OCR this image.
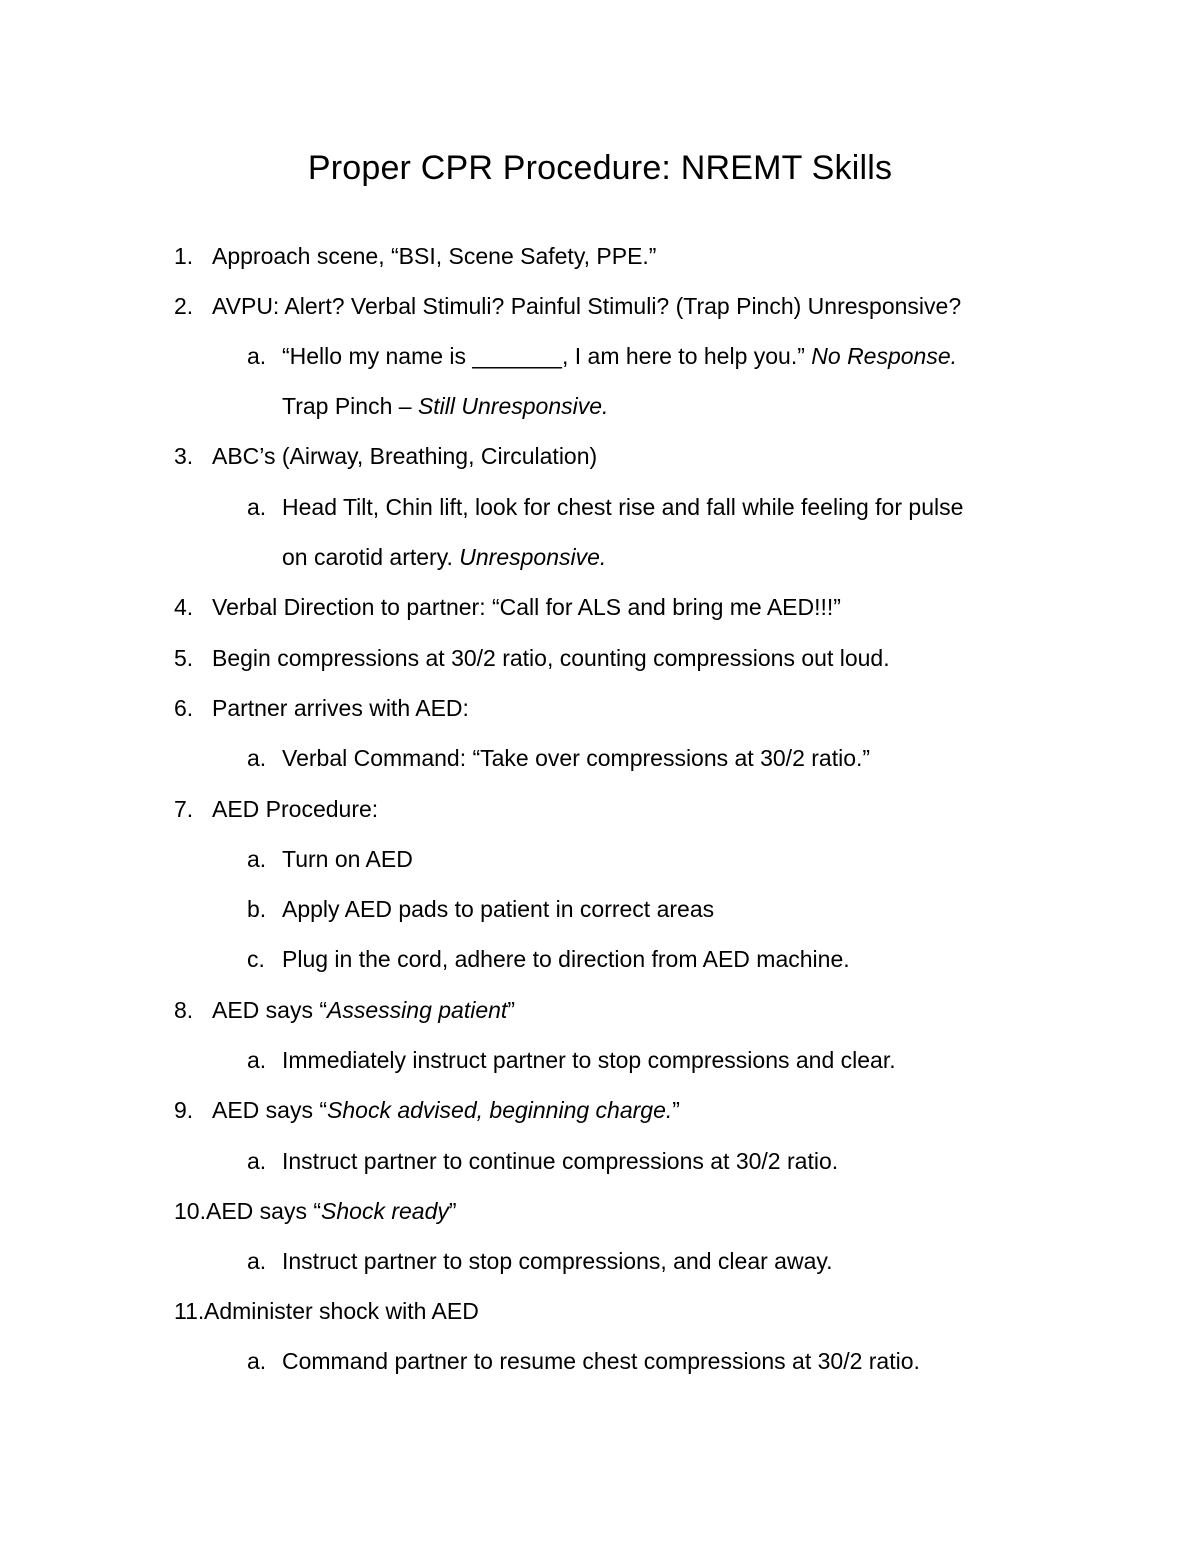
Proper CPR Procedure: NREMT Skills
1. Approach scene, “BSI, Scene Safety, PPE.”
2. AVPU: Alert? Verbal Stimuli? Painful Stimuli? (Trap Pinch) Unresponsive?
a. “Hello my name is _______, I am here to help you.” No Response.
Trap Pinch – Still Unresponsive.
3. ABC’s (Airway, Breathing, Circulation)
a. Head Tilt, Chin lift, look for chest rise and fall while feeling for pulse
on carotid artery. Unresponsive.
4. Verbal Direction to partner: “Call for ALS and bring me AED!!!”
5. Begin compressions at 30/2 ratio, counting compressions out loud.
6. Partner arrives with AED:
a. Verbal Command: “Take over compressions at 30/2 ratio.”
7. AED Procedure:
a. Turn on AED
b. Apply AED pads to patient in correct areas
c. Plug in the cord, adhere to direction from AED machine.
8. AED says “Assessing patient”
a. Immediately instruct partner to stop compressions and clear.
9. AED says “Shock advised, beginning charge.”
a. Instruct partner to continue compressions at 30/2 ratio.
10. AED says “Shock ready”
a. Instruct partner to stop compressions, and clear away.
11. Administer shock with AED
a. Command partner to resume chest compressions at 30/2 ratio.
